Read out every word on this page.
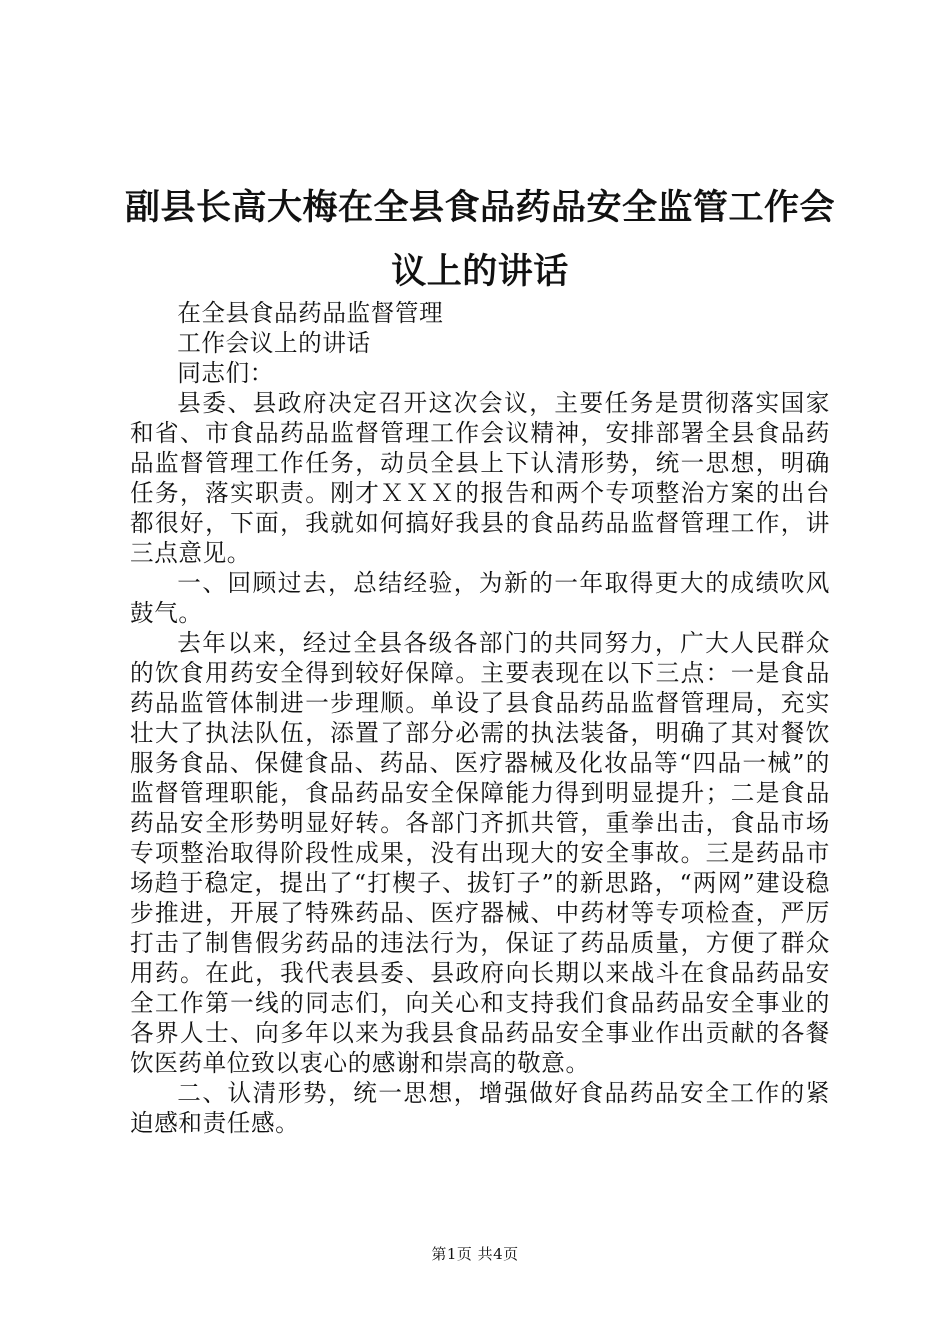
副县长高大梅在全县食品药品安全监管工作会
议上的讲话

在全县食品药品监督管理

工作会议上的讲话

同志们：

县委、县政府决定召开这次会议，主要任务是贯彻落实国家和省、市食品药品监督管理工作会议精神，安排部署全县食品药品监督管理工作任务，动员全县上下认清形势，统一思想，明确任务，落实职责。刚才ＸＸＸ的报告和两个专项整治方案的出台都很好，下面，我就如何搞好我县的食品药品监督管理工作，讲三点意见。

一、回顾过去，总结经验，为新的一年取得更大的成绩吹风鼓气。

去年以来，经过全县各级各部门的共同努力，广大人民群众的饮食用药安全得到较好保障。主要表现在以下三点：一是食品药品监管体制进一步理顺。单设了县食品药品监督管理局，充实壮大了执法队伍，添置了部分必需的执法装备，明确了其对餐饮服务食品、保健食品、药品、医疗器械及化妆品等“四品一械”的监督管理职能，食品药品安全保障能力得到明显提升；二是食品药品安全形势明显好转。各部门齐抓共管，重拳出击，食品市场专项整治取得阶段性成果，没有出现大的安全事故。三是药品市场趋于稳定，提出了“打楔子、拔钉子”的新思路，“两网”建设稳步推进，开展了特殊药品、医疗器械、中药材等专项检查，严厉打击了制售假劣药品的违法行为，保证了药品质量，方便了群众用药。在此，我代表县委、县政府向长期以来战斗在食品药品安全工作第一线的同志们，向关心和支持我们食品药品安全事业的各界人士、向多年以来为我县食品药品安全事业作出贡献的各餐饮医药单位致以衷心的感谢和崇高的敬意。

二、认清形势，统一思想，增强做好食品药品安全工作的紧迫感和责任感。

第1页 共4页
